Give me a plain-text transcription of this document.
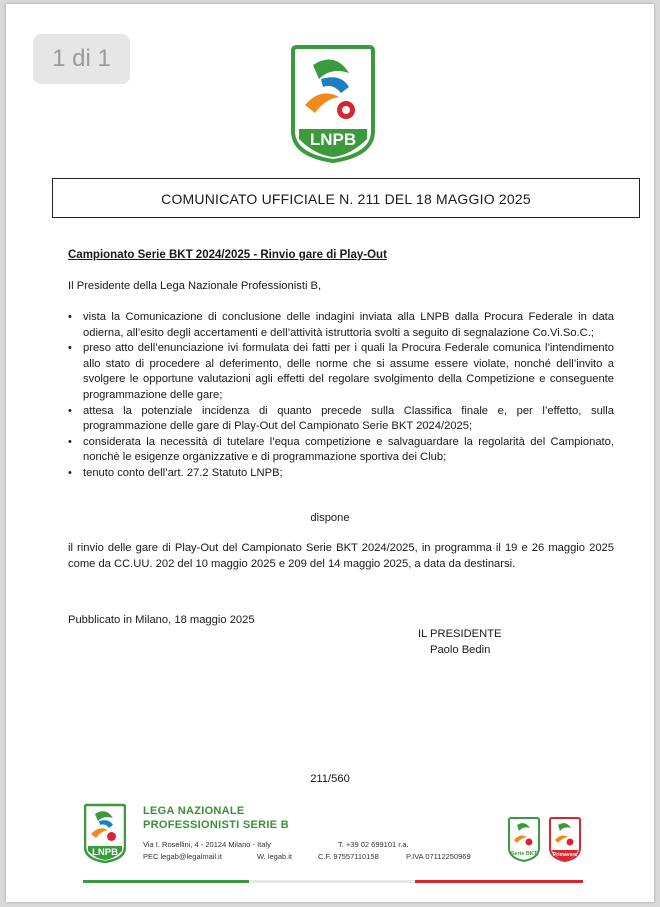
1 di 1
LNPB
COMUNICATO UFFICIALE N. 211 DEL 18 MAGGIO 2025
Campionato Serie BKT 2024/2025 - Rinvio gare di Play-Out
Il Presidente della Lega Nazionale Professionisti B,
• vista la Comunicazione di conclusione delle indagini inviata alla LNPB dalla Procura Federale in data odierna, all’esito degli accertamenti e dell’attività istruttoria svolti a seguito di segnalazione Co.Vi.So.C.;
• preso atto dell’enunciazione ivi formulata dei fatti per i quali la Procura Federale comunica l’intendimento allo stato di procedere al deferimento, delle norme che si assume essere violate, nonché dell’invito a svolgere le opportune valutazioni agli effetti del regolare svolgimento della Competizione e conseguente programmazione delle gare;
• attesa la potenziale incidenza di quanto precede sulla Classifica finale e, per l’effetto, sulla programmazione delle gare di Play-Out del Campionato Serie BKT 2024/2025;
• considerata la necessità di tutelare l’equa competizione e salvaguardare la regolarità del Campionato, nonchè le esigenze organizzative e di programmazione sportiva dei Club;
• tenuto conto dell’art. 27.2 Statuto LNPB;
dispone
il rinvio delle gare di Play-Out del Campionato Serie BKT 2024/2025, in programma il 19 e 26 maggio 2025 come da CC.UU. 202 del 10 maggio 2025 e 209 del 14 maggio 2025, a data da destinarsi.
Pubblicato in Milano, 18 maggio 2025
IL PRESIDENTE
Paolo Bedin
211/560
LNPB
LEGA NAZIONALE
PROFESSIONISTI SERIE B
Via I. Rosellini, 4 - 20124 Milano - Italy	T. +39 02 699101 r.a.
PEC legab@legalmail.it	W. legab.it	C.F. 97557110158	P.IVA 07112250969	Serie BKT	Primavera
